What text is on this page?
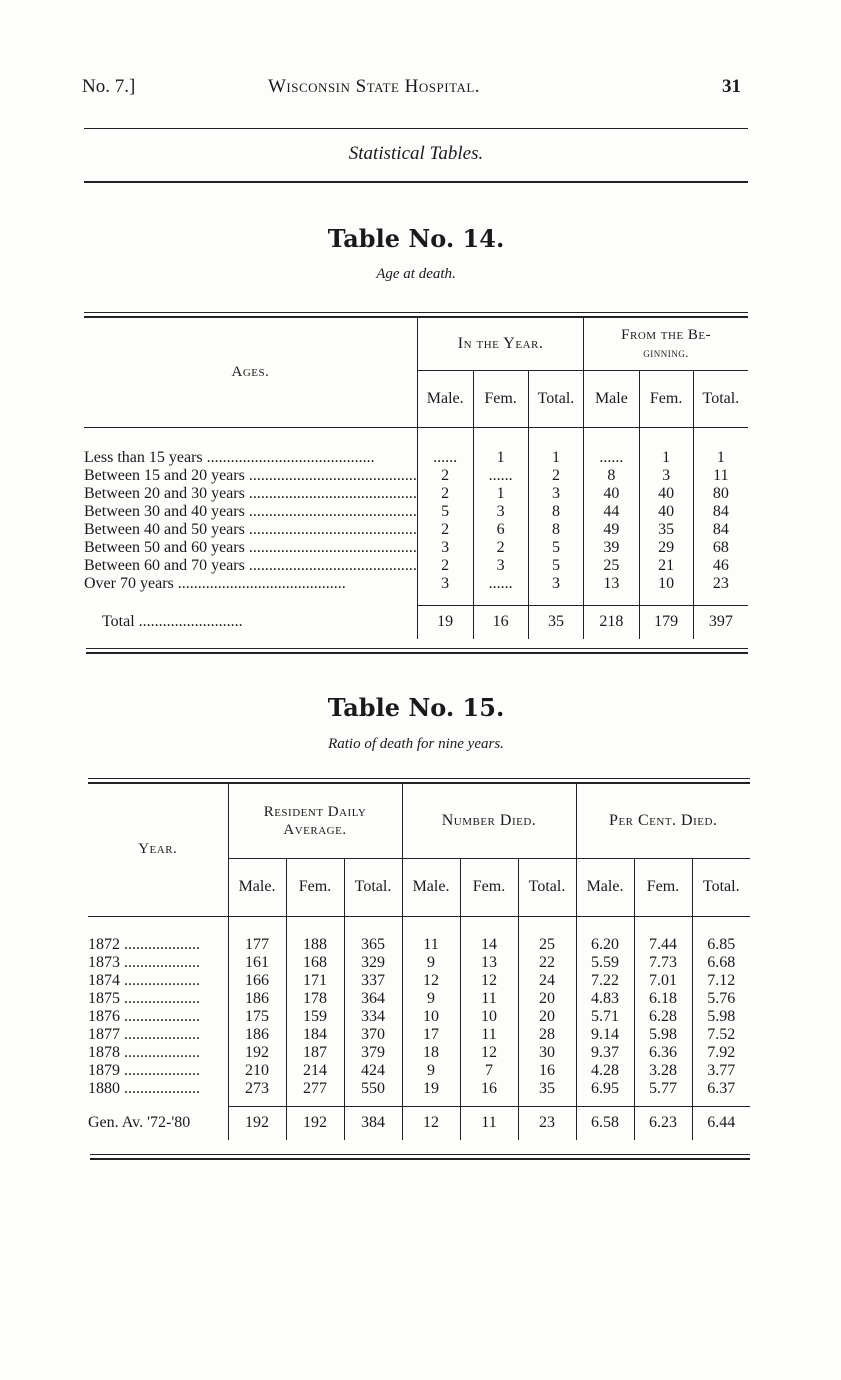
No. 7.]	Wisconsin State Hospital.	31
Statistical Tables.
Table No. 14.
Age at death.
Ages.	In the Year.			From the Be-
ginning.		

	Male.	Fem.	Total.	Male	Fem.	Total.

Less than 15 years ..........................................	......	1	1	......	1	1
Between 15 and 20 years ..........................................	2	......	2	8	3	11
Between 20 and 30 years ..........................................	2	1	3	40	40	80
Between 30 and 40 years ..........................................	5	3	8	44	40	84
Between 40 and 50 years ..........................................	2	6	8	49	35	84
Between 50 and 60 years ..........................................	3	2	5	39	29	68
Between 60 and 70 years ..........................................	2	3	5	25	21	46
Over 70 years ..........................................	3	......	3	13	10	23

Total ..........................	19	16	35	218	179	397
Table No. 15.
Ratio of death for nine years.
Year.	Resident Daily
Average.			Number Died.			Per Cent. Died.		
	Male.	Fem.	Total.	Male.	Fem.	Total.	Male.	Fem.	Total.

1872 ...................	177	188	365	11	14	25	6.20	7.44	6.85
1873 ...................	161	168	329	9	13	22	5.59	7.73	6.68
1874 ...................	166	171	337	12	12	24	7.22	7.01	7.12
1875 ...................	186	178	364	9	11	20	4.83	6.18	5.76
1876 ...................	175	159	334	10	10	20	5.71	6.28	5.98
1877 ...................	186	184	370	17	11	28	9.14	5.98	7.52
1878 ...................	192	187	379	18	12	30	9.37	6.36	7.92
1879 ...................	210	214	424	9	7	16	4.28	3.28	3.77
1880 ...................	273	277	550	19	16	35	6.95	5.77	6.37

Gen. Av. '72-'80	192	192	384	12	11	23	6.58	6.23	6.44
